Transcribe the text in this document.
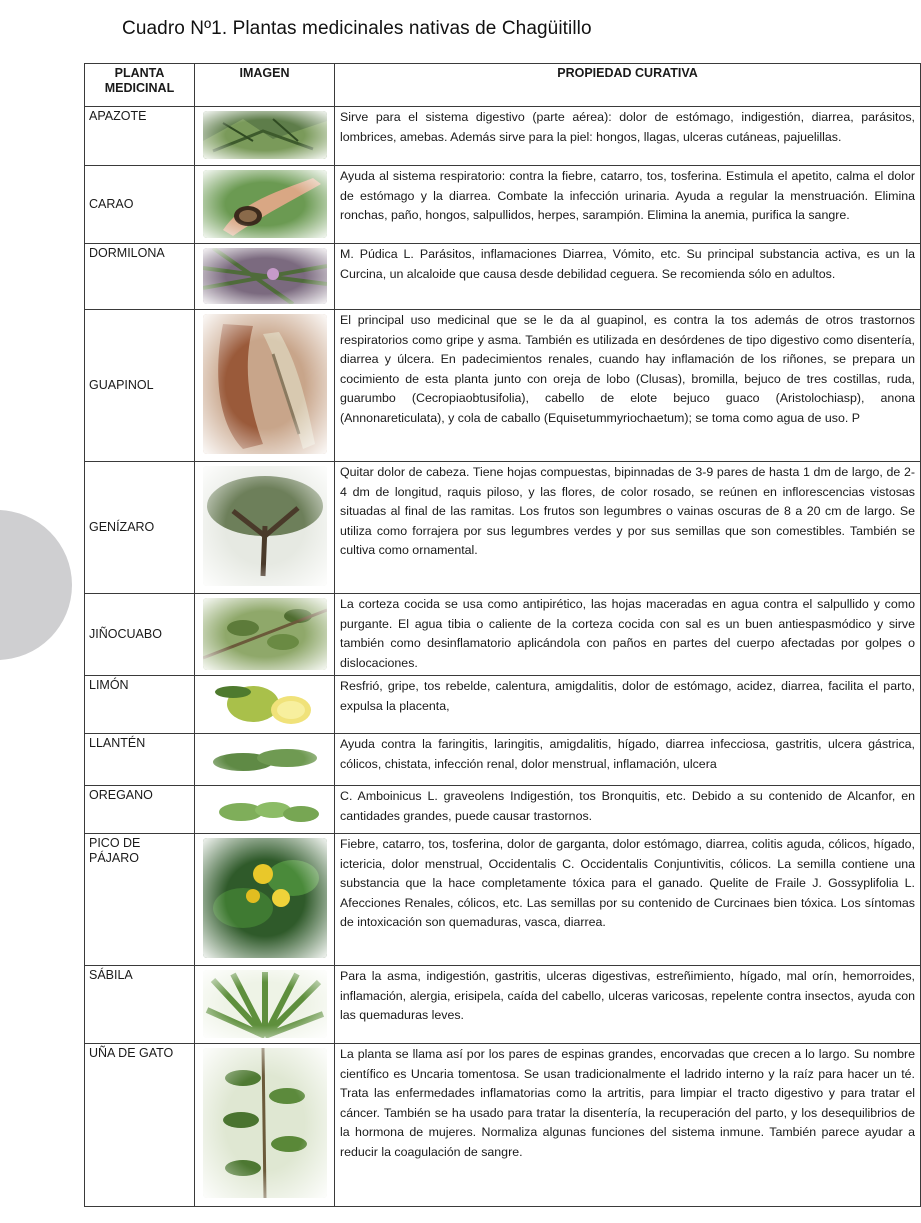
Cuadro Nº1. Plantas medicinales nativas de Chagüitillo
PLANTA MEDICINAL	IMAGEN	PROPIEDAD CURATIVA
APAZOTE		Sirve para el sistema digestivo (parte aérea): dolor de estómago, indigestión, diarrea, parásitos, lombrices, amebas. Además sirve para la piel: hongos, llagas, ulceras cutáneas, pajuelillas.
CARAO		Ayuda al sistema respiratorio: contra la fiebre, catarro, tos, tosferina. Estimula el apetito, calma el dolor de estómago y la diarrea. Combate la infección urinaria. Ayuda a regular la menstruación. Elimina ronchas, paño, hongos, salpullidos, herpes, sarampión. Elimina la anemia, purifica la sangre.
DORMILONA		M. Púdica L. Parásitos, inflamaciones Diarrea, Vómito, etc. Su principal substancia activa, es un la Curcina, un alcaloide que causa desde debilidad ceguera. Se recomienda sólo en adultos.
GUAPINOL		El principal uso medicinal que se le da al guapinol, es contra la tos además de otros trastornos respiratorios como gripe y asma. También es utilizada en desórdenes de tipo digestivo como disentería, diarrea y úlcera. En padecimientos renales, cuando hay inflamación de los riñones, se prepara un cocimiento de esta planta junto con oreja de lobo (Clusas), bromilla, bejuco de tres costillas, ruda, guarumbo (Cecropiaobtusifolia), cabello de elote bejuco guaco (Aristolochiasp), anona (Annonareticulata), y cola de caballo (Equisetummyriochaetum); se toma como agua de uso. P
GENÍZARO		Quitar dolor de cabeza. Tiene hojas compuestas, bipinnadas de 3-9 pares de hasta 1 dm de largo, de 2-4 dm de longitud, raquis piloso, y las flores, de color rosado, se reúnen en inflorescencias vistosas situadas al final de las ramitas. Los frutos son legumbres o vainas oscuras de 8 a 20 cm de largo. Se utiliza como forrajera por sus legumbres verdes y por sus semillas que son comestibles. También se cultiva como ornamental.
JIÑOCUABO		La corteza cocida se usa como antipirético, las hojas maceradas en agua contra el salpullido y como purgante. El agua tibia o caliente de la corteza cocida con sal es un buen antiespasmódico y sirve también como desinflamatorio aplicándola con paños en partes del cuerpo afectadas por golpes o dislocaciones.
LIMÓN		Resfrió, gripe, tos rebelde, calentura, amigdalitis, dolor de estómago, acidez, diarrea, facilita el parto, expulsa la placenta,
LLANTÉN		Ayuda contra la faringitis, laringitis, amigdalitis, hígado, diarrea infecciosa, gastritis, ulcera gástrica, cólicos, chistata, infección renal, dolor menstrual, inflamación, ulcera
OREGANO		C. Amboinicus L. graveolens Indigestión, tos Bronquitis, etc. Debido a su contenido de Alcanfor, en cantidades grandes, puede causar trastornos.
PICO DE PÁJARO		Fiebre, catarro, tos, tosferina, dolor de garganta, dolor estómago, diarrea, colitis aguda, cólicos, hígado, ictericia, dolor menstrual, Occidentalis C. Occidentalis Conjuntivitis, cólicos. La semilla contiene una substancia que la hace completamente tóxica para el ganado. Quelite de Fraile J. Gossyplifolia L. Afecciones Renales, cólicos, etc. Las semillas por su contenido de Curcinaes bien tóxica. Los síntomas de intoxicación son quemaduras, vasca, diarrea.
SÁBILA		Para la asma, indigestión, gastritis, ulceras digestivas, estreñimiento, hígado, mal orín, hemorroides, inflamación, alergia, erisipela, caída del cabello, ulceras varicosas, repelente contra insectos, ayuda con las quemaduras leves.
UÑA DE GATO		La planta se llama así por los pares de espinas grandes, encorvadas que crecen a lo largo. Su nombre científico es Uncaria tomentosa. Se usan tradicionalmente el ladrido interno y la raíz para hacer un té. Trata las enfermedades inflamatorias como la artritis, para limpiar el tracto digestivo y para tratar el cáncer. También se ha usado para tratar la disentería, la recuperación del parto, y los desequilibrios de la hormona de mujeres. Normaliza algunas funciones del sistema inmune. También parece ayudar a reducir la coagulación de sangre.
